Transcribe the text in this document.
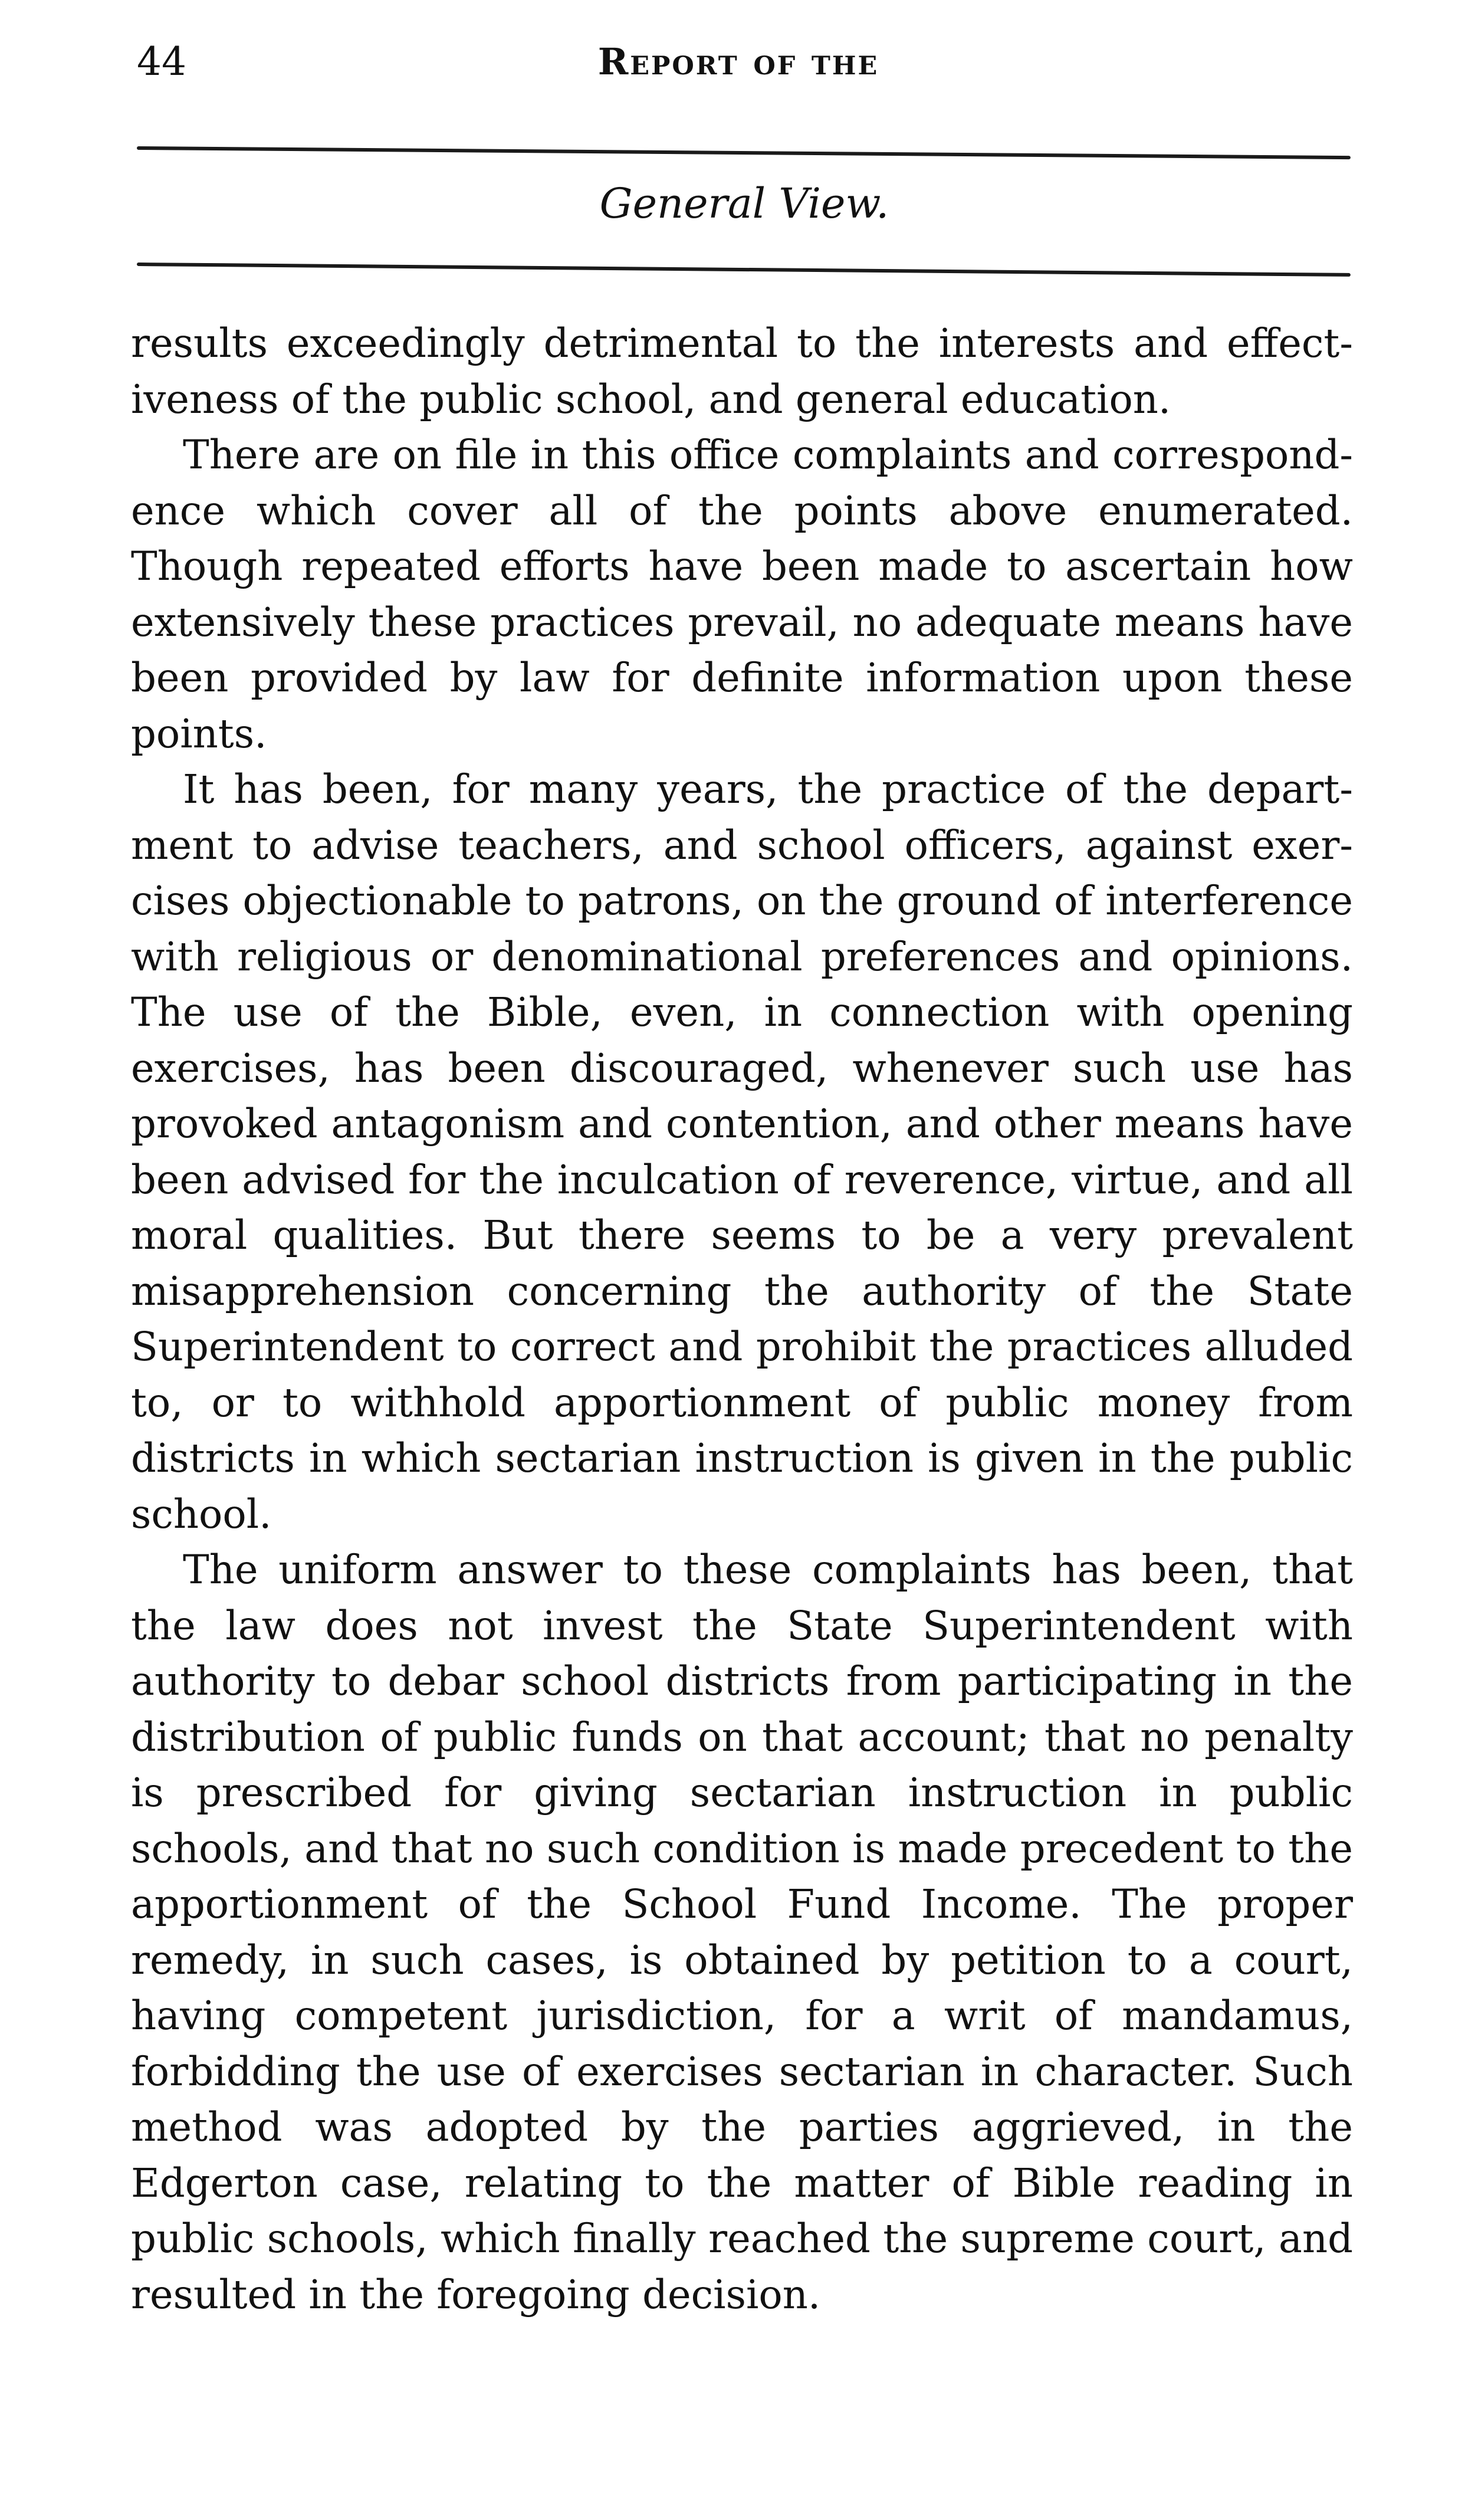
44	Report of the
General View.

results exceedingly detrimental to the interests and effectiveness of the public school, and general education.

There are on file in this office complaints and correspondence which cover all of the points above enumerated. Though repeated efforts have been made to ascertain how extensively these practices prevail, no adequate means have been provided by law for definite information upon these points.

It has been, for many years, the practice of the department to advise teachers, and school officers, against exercises objectionable to patrons, on the ground of interference with religious or denominational preferences and opinions. The use of the Bible, even, in connection with opening exercises, has been discouraged, whenever such use has provoked antagonism and contention, and other means have been advised for the inculcation of reverence, virtue, and all moral qualities. But there seems to be a very prevalent misapprehension concerning the authority of the State Superintendent to correct and prohibit the practices alluded to, or to withhold apportionment of public money from districts in which sectarian instruction is given in the public school.

The uniform answer to these complaints has been, that the law does not invest the State Superintendent with authority to debar school districts from participating in the distribution of public funds on that account; that no penalty is prescribed for giving sectarian instruction in public schools, and that no such condition is made precedent to the apportionment of the School Fund Income. The proper remedy, in such cases, is obtained by petition to a court, having competent jurisdiction, for a writ of mandamus, forbidding the use of exercises sectarian in character. Such method was adopted by the parties aggrieved, in the Edgerton case, relating to the matter of Bible reading in public schools, which finally reached the supreme court, and resulted in the foregoing decision.
